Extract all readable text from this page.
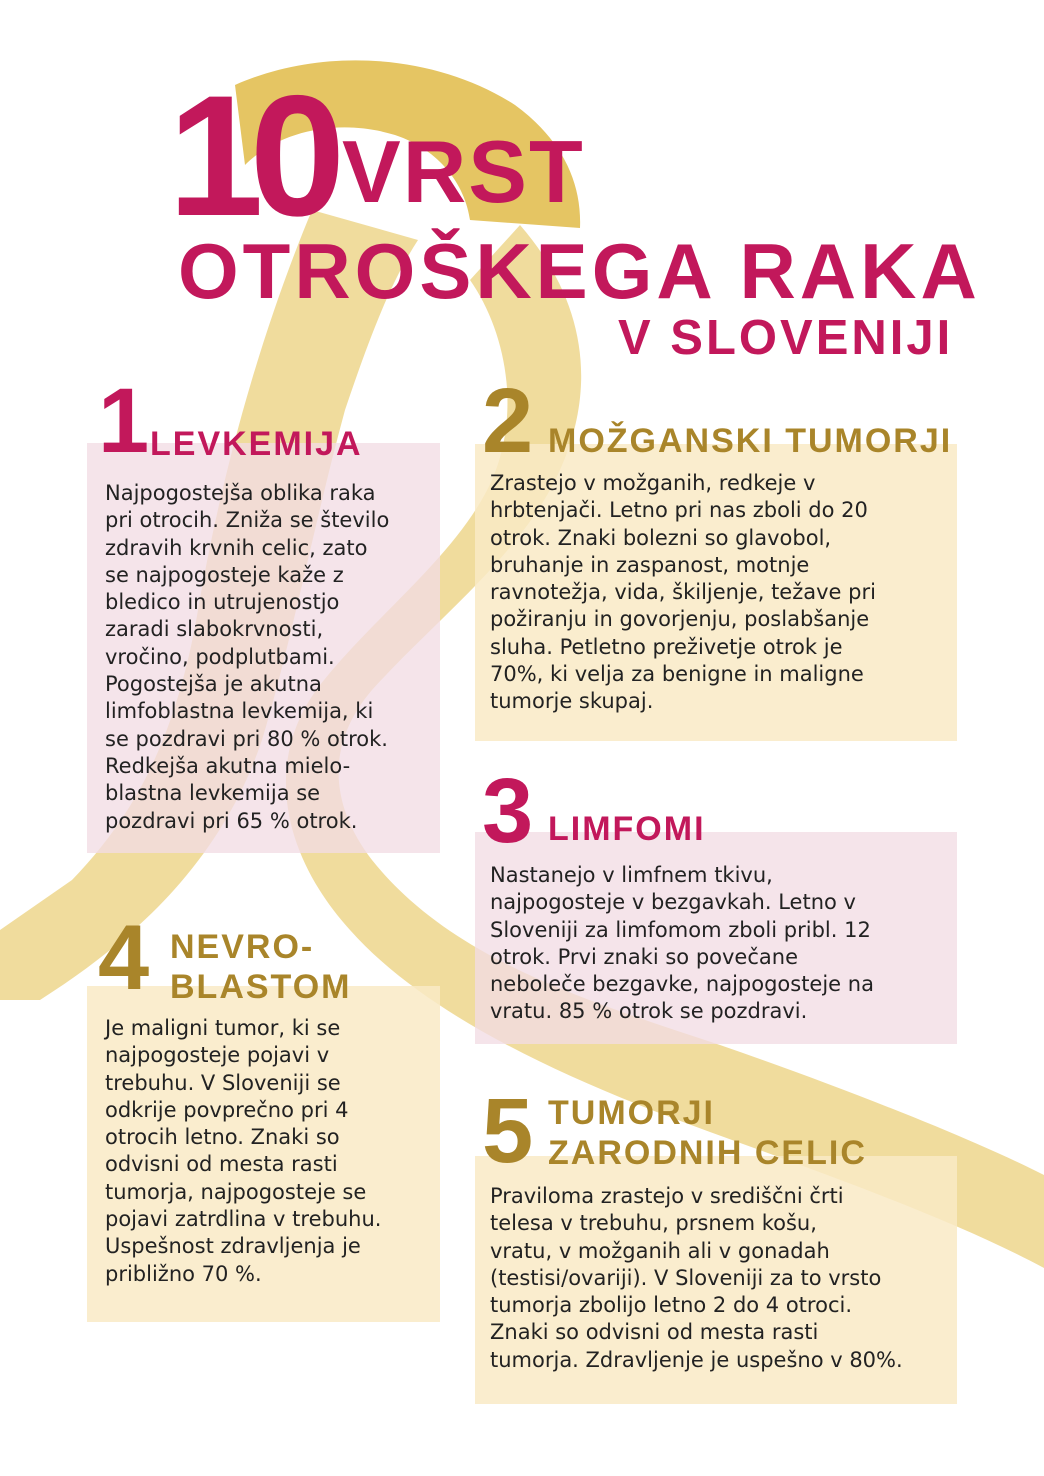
10 VRST
OTROŠKEGA RAKA
V SLOVENIJI
1 LEVKEMIJA

Najpogostejša oblika raka
pri otrocih. Zniža se število
zdravih krvnih celic, zato
se najpogosteje kaže z
bledico in utrujenostjo
zaradi slabokrvnosti,
vročino, podplutbami.
Pogostejša je akutna
limfoblastna levkemija, ki
se pozdravi pri 80 % otrok.
Redkejša akutna mielo-
blastna levkemija se
pozdravi pri 65 % otrok.

2 MOŽGANSKI TUMORJI

Zrastejo v možganih, redkeje v
hrbtenjači. Letno pri nas zboli do 20
otrok. Znaki bolezni so glavobol,
bruhanje in zaspanost, motnje
ravnotežja, vida, škiljenje, težave pri
požiranju in govorjenju, poslabšanje
sluha. Petletno preživetje otrok je
70%, ki velja za benigne in maligne
tumorje skupaj.

3 LIMFOMI

Nastanejo v limfnem tkivu,
najpogosteje v bezgavkah. Letno v
Sloveniji za limfomom zboli pribl. 12
otrok. Prvi znaki so povečane
neboleče bezgavke, najpogosteje na
vratu. 85 % otrok se pozdravi.

4 NEVRO-
BLASTOM

Je maligni tumor, ki se
najpogosteje pojavi v
trebuhu. V Sloveniji se
odkrije povprečno pri 4
otrocih letno. Znaki so
odvisni od mesta rasti
tumorja, najpogosteje se
pojavi zatrdlina v trebuhu.
Uspešnost zdravljenja je
približno 70 %.

5 TUMORJI
ZARODNIH CELIC

Praviloma zrastejo v središčni črti
telesa v trebuhu, prsnem košu,
vratu, v možganih ali v gonadah
(testisi/ovariji). V Sloveniji za to vrsto
tumorja zbolijo letno 2 do 4 otroci.
Znaki so odvisni od mesta rasti
tumorja. Zdravljenje je uspešno v 80%.
